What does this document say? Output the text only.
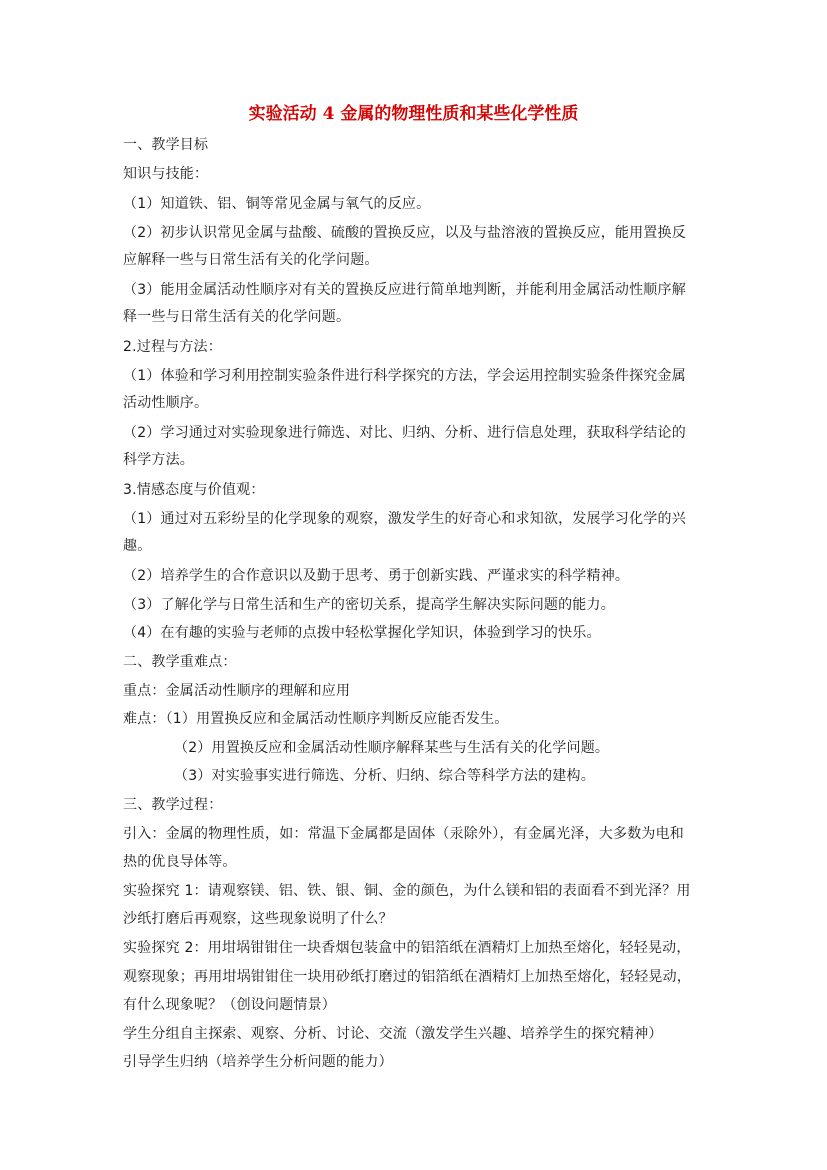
实验活动 4 金属的物理性质和某些化学性质
一、教学目标
知识与技能：
（1）知道铁、铝、铜等常见金属与氧气的反应。
（2）初步认识常见金属与盐酸、硫酸的置换反应，以及与盐溶液的置换反应，能用置换反
应解释一些与日常生活有关的化学问题。
（3）能用金属活动性顺序对有关的置换反应进行简单地判断，并能利用金属活动性顺序解
释一些与日常生活有关的化学问题。
2.过程与方法：
（1）体验和学习利用控制实验条件进行科学探究的方法，学会运用控制实验条件探究金属
活动性顺序。
（2）学习通过对实验现象进行筛选、对比、归纳、分析、进行信息处理，获取科学结论的
科学方法。
3.情感态度与价值观：
（1）通过对五彩纷呈的化学现象的观察，激发学生的好奇心和求知欲，发展学习化学的兴
趣。
（2）培养学生的合作意识以及勤于思考、勇于创新实践、严谨求实的科学精神。
（3）了解化学与日常生活和生产的密切关系，提高学生解决实际问题的能力。
（4）在有趣的实验与老师的点拨中轻松掌握化学知识，体验到学习的快乐。
二、教学重难点：
重点：金属活动性顺序的理解和应用
难点：（1）用置换反应和金属活动性顺序判断反应能否发生。
（2）用置换反应和金属活动性顺序解释某些与生活有关的化学问题。
（3）对实验事实进行筛选、分析、归纳、综合等科学方法的建构。
三、教学过程：
引入：金属的物理性质，如：常温下金属都是固体（汞除外），有金属光泽，大多数为电和
热的优良导体等。
实验探究 1：请观察镁、铝、铁、银、铜、金的颜色，为什么镁和铝的表面看不到光泽？用
沙纸打磨后再观察，这些现象说明了什么？
实验探究 2：用坩埚钳钳住一块香烟包装盒中的铝箔纸在酒精灯上加热至熔化，轻轻晃动，
观察现象；再用坩埚钳钳住一块用砂纸打磨过的铝箔纸在酒精灯上加热至熔化，轻轻晃动，
有什么现象呢？（创设问题情景）
学生分组自主探索、观察、分析、讨论、交流（激发学生兴趣、培养学生的探究精神）
引导学生归纳（培养学生分析问题的能力）
